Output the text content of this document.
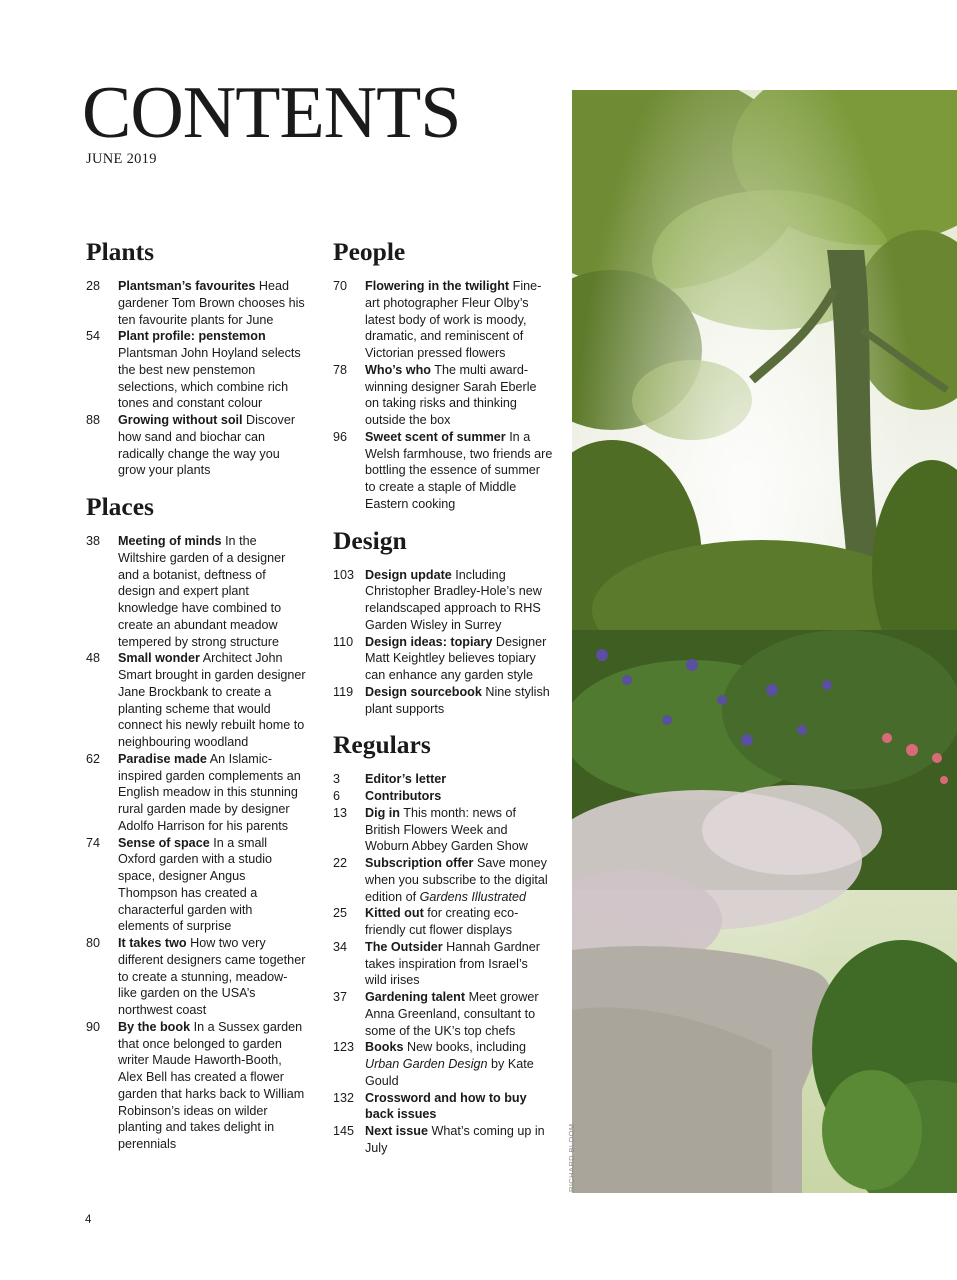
CONTENTS
JUNE 2019
Plants
28	Plantsman’s favourites Head gardener Tom Brown chooses his ten favourite plants for June
54	Plant profile: penstemon Plantsman John Hoyland selects the best new penstemon selections, which combine rich tones and constant colour
88	Growing without soil Discover how sand and biochar can radically change the way you grow your plants
Places
38	Meeting of minds In the Wiltshire garden of a designer and a botanist, deftness of design and expert plant knowledge have combined to create an abundant meadow tempered by strong structure
48	Small wonder Architect John Smart brought in garden designer Jane Brockbank to create a planting scheme that would connect his newly rebuilt home to neighbouring woodland
62	Paradise made An Islamic-inspired garden complements an English meadow in this stunning rural garden made by designer Adolfo Harrison for his parents
74	Sense of space In a small Oxford garden with a studio space, designer Angus Thompson has created a characterful garden with elements of surprise
80	It takes two How two very different designers came together to create a stunning, meadow-like garden on the USA’s northwest coast
90	By the book In a Sussex garden that once belonged to garden writer Maude Haworth-Booth, Alex Bell has created a flower garden that harks back to William Robinson’s ideas on wilder planting and takes delight in perennials
People
70	Flowering in the twilight Fine-art photographer Fleur Olby’s latest body of work is moody, dramatic, and reminiscent of Victorian pressed flowers
78	Who’s who The multi award-winning designer Sarah Eberle on taking risks and thinking outside the box
96	Sweet scent of summer In a Welsh farmhouse, two friends are bottling the essence of summer to create a staple of Middle Eastern cooking
Design
103 Design update Including Christopher Bradley-Hole’s new relandscaped approach to RHS Garden Wisley in Surrey
110 Design ideas: topiary Designer Matt Keightley believes topiary can enhance any garden style
119 Design sourcebook Nine stylish plant supports
Regulars
3	Editor’s letter
6	Contributors
13	Dig in This month: news of British Flowers Week and Woburn Abbey Garden Show
22	Subscription offer Save money when you subscribe to the digital edition of Gardens Illustrated
25	Kitted out for creating eco-friendly cut flower displays
34	The Outsider Hannah Gardner takes inspiration from Israel’s wild irises
37	Gardening talent Meet grower Anna Greenland, consultant to some of the UK’s top chefs
123 Books New books, including Urban Garden Design by Kate Gould
132 Crossword and how to buy back issues
145 Next issue What’s coming up in July	RICHARD BLOOM
4
